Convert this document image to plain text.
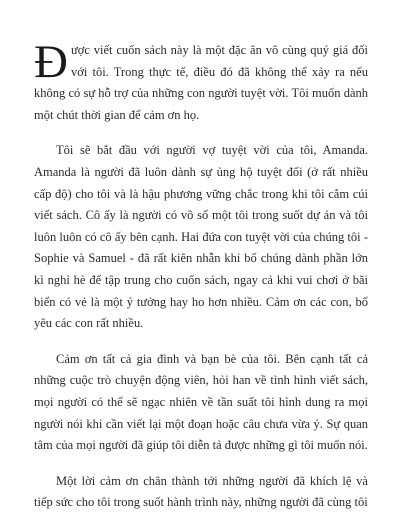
Được viết cuốn sách này là một đặc ân vô cùng quý giá đối với tôi. Trong thực tế, điều đó đã không thể xảy ra nếu không có sự hỗ trợ của những con người tuyệt vời. Tôi muốn dành một chút thời gian để cảm ơn họ.

Tôi sẽ bắt đầu với người vợ tuyệt vời của tôi, Amanda. Amanda là người đã luôn dành sự ủng hộ tuyệt đối (ở rất nhiều cấp độ) cho tôi và là hậu phương vững chắc trong khi tôi cắm cúi viết sách. Cô ấy là người có vô số một tôi trong suốt dự án và tôi luôn luôn có cô ấy bên cạnh. Hai đứa con tuyệt vời của chúng tôi - Sophie và Samuel - đã rất kiên nhẫn khi bố chúng dành phần lớn kì nghỉ hè để tập trung cho cuốn sách, ngay cả khi vui chơi ở bãi biển có vẻ là một ý tưởng hay ho hơn nhiều. Cảm ơn các con, bố yêu các con rất nhiều.

Cảm ơn tất cả gia đình và bạn bè của tôi. Bên cạnh tất cả những cuộc trò chuyện động viên, hỏi han về tình hình viết sách, mọi người có thể sẽ ngạc nhiên về tần suất tôi hình dung ra mọi người nói khi cần viết lại một đoạn hoặc câu chưa vừa ý. Sự quan tâm của mọi người đã giúp tôi diễn tả được những gì tôi muốn nói.

Một lời cảm ơn chân thành tới những người đã khích lệ và tiếp sức cho tôi trong suốt hành trình này, những người đã cùng tôi
